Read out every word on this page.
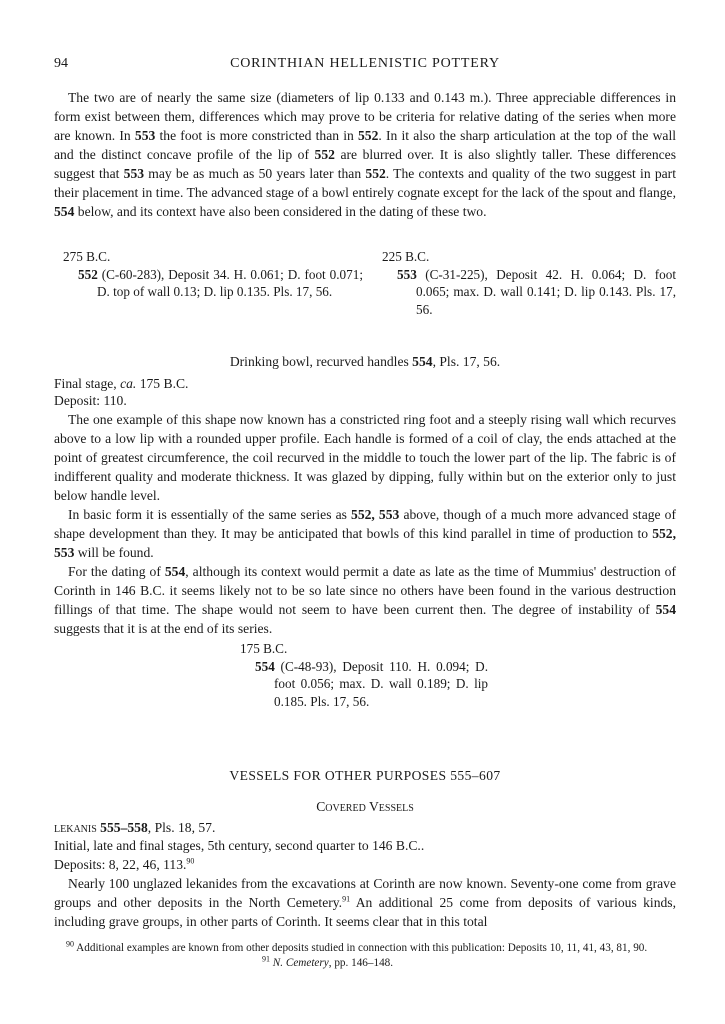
94	CORINTHIAN HELLENISTIC POTTERY
The two are of nearly the same size (diameters of lip 0.133 and 0.143 m.). Three appreciable differences in form exist between them, differences which may prove to be criteria for relative dating of the series when more are known. In 553 the foot is more constricted than in 552. In it also the sharp articulation at the top of the wall and the distinct concave profile of the lip of 552 are blurred over. It is also slightly taller. These differences suggest that 553 may be as much as 50 years later than 552. The contexts and quality of the two suggest in part their placement in time. The advanced stage of a bowl entirely cognate except for the lack of the spout and flange, 554 below, and its context have also been considered in the dating of these two.
275 B.C.
552 (C-60-283), Deposit 34. H. 0.061; D. foot 0.071; D. top of wall 0.13; D. lip 0.135. Pls. 17, 56.
225 B.C.
553 (C-31-225), Deposit 42. H. 0.064; D. foot 0.065; max. D. wall 0.141; D. lip 0.143. Pls. 17, 56.
Drinking bowl, recurved handles 554, Pls. 17, 56.
Final stage, ca. 175 B.C.
Deposit: 110.
The one example of this shape now known has a constricted ring foot and a steeply rising wall which recurves above to a low lip with a rounded upper profile. Each handle is formed of a coil of clay, the ends attached at the point of greatest circumference, the coil recurved in the middle to touch the lower part of the lip. The fabric is of indifferent quality and moderate thickness. It was glazed by dipping, fully within but on the exterior only to just below handle level.
In basic form it is essentially of the same series as 552, 553 above, though of a much more advanced stage of shape development than they. It may be anticipated that bowls of this kind parallel in time of production to 552, 553 will be found.
For the dating of 554, although its context would permit a date as late as the time of Mummius' destruction of Corinth in 146 B.C. it seems likely not to be so late since no others have been found in the various destruction fillings of that time. The shape would not seem to have been current then. The degree of instability of 554 suggests that it is at the end of its series.
175 B.C.
554 (C-48-93), Deposit 110. H. 0.094; D. foot 0.056; max. D. wall 0.189; D. lip 0.185. Pls. 17, 56.
VESSELS FOR OTHER PURPOSES 555–607
Covered Vessels
lekanis 555–558, Pls. 18, 57.
Initial, late and final stages, 5th century, second quarter to 146 B.C..
Deposits: 8, 22, 46, 113.90
Nearly 100 unglazed lekanides from the excavations at Corinth are now known. Seventy-one come from grave groups and other deposits in the North Cemetery.$^{91}$ An additional 25 come from deposits of various kinds, including grave groups, in other parts of Corinth. It seems clear that in this total
$^{90}$ Additional examples are known from other deposits studied in connection with this publication: Deposits 10, 11, 41, 43, 81, 90.
$^{91}$ N. Cemetery, pp. 146–148.
